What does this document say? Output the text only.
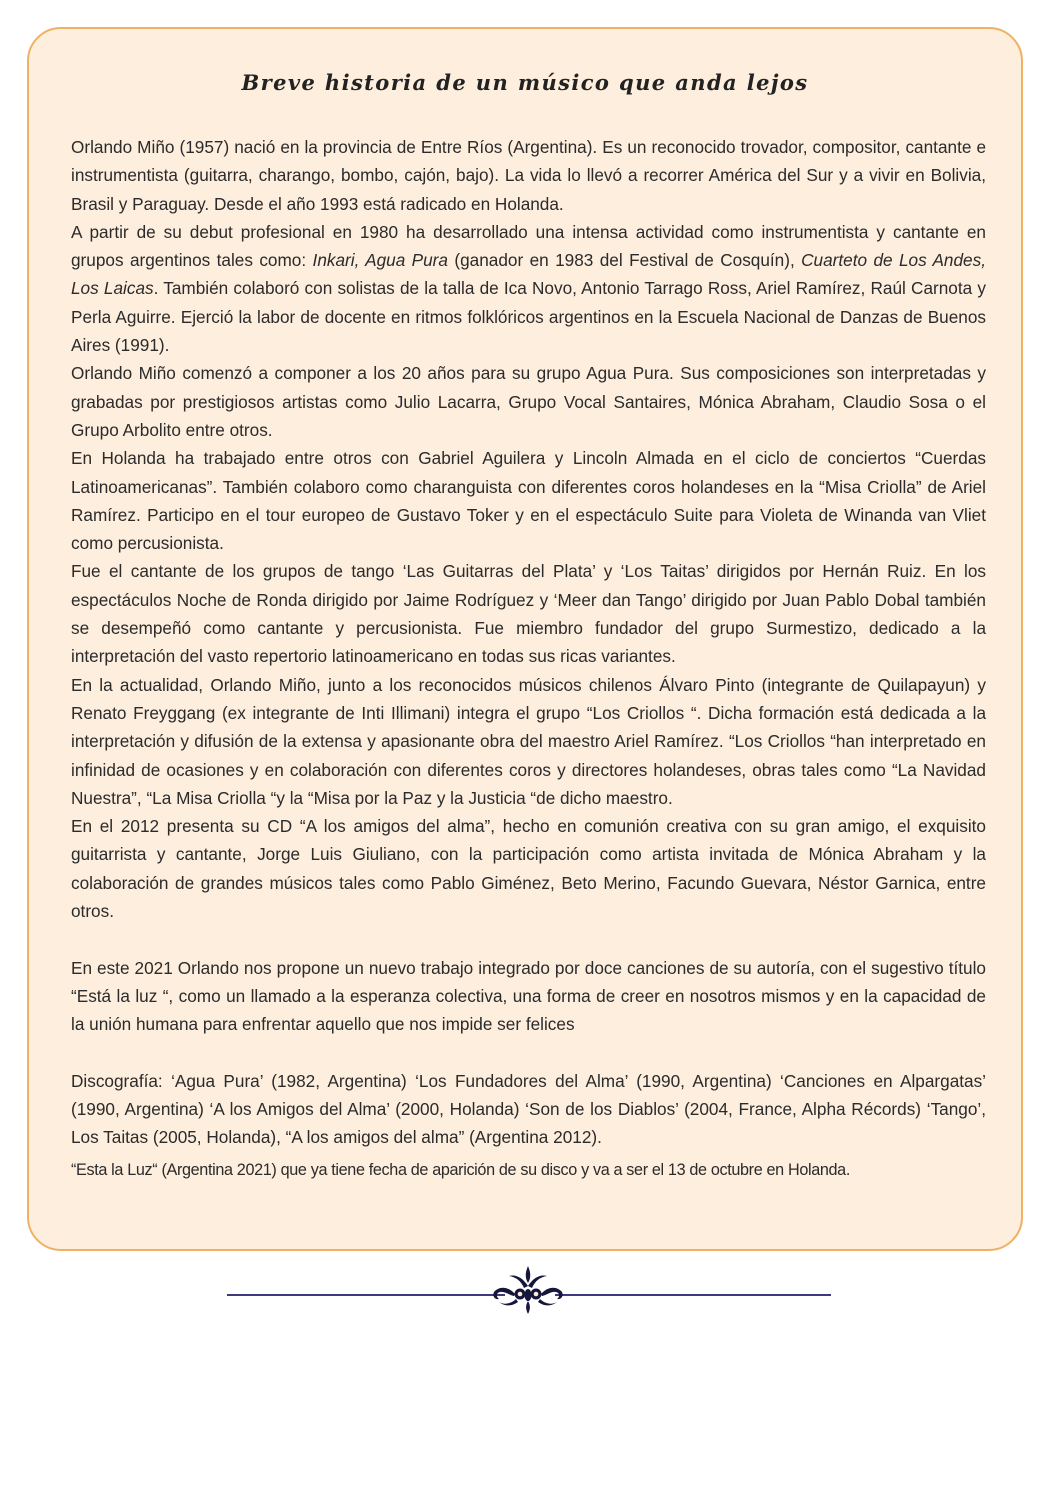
Breve historia de un músico que anda lejos

Orlando Miño (1957) nació en la provincia de Entre Ríos (Argentina). Es un reconocido trovador, compositor, cantante e instrumentista (guitarra, charango, bombo, cajón, bajo). La vida lo llevó a recorrer América del Sur y a vivir en Bolivia, Brasil y Paraguay. Desde el año 1993 está radicado en Holanda.

A partir de su debut profesional en 1980 ha desarrollado una intensa actividad como instrumentista y cantante en grupos argentinos tales como: Inkari, Agua Pura (ganador en 1983 del Festival de Cosquín), Cuarteto de Los Andes, Los Laicas. También colaboró con solistas de la talla de Ica Novo, Antonio Tarrago Ross, Ariel Ramírez, Raúl Carnota y Perla Aguirre. Ejerció la labor de docente en ritmos folklóricos argentinos en la Escuela Nacional de Danzas de Buenos Aires (1991).

Orlando Miño comenzó a componer a los 20 años para su grupo Agua Pura. Sus composiciones son interpretadas y grabadas por prestigiosos artistas como Julio Lacarra, Grupo Vocal Santaires, Mónica Abraham, Claudio Sosa o el Grupo Arbolito entre otros.

En Holanda ha trabajado entre otros con Gabriel Aguilera y Lincoln Almada en el ciclo de conciertos “Cuerdas Latinoamericanas”. También colaboro como charanguista con diferentes coros holandeses en la “Misa Criolla” de Ariel Ramírez. Participo en el tour europeo de Gustavo Toker y en el espectáculo Suite para Violeta de Winanda van Vliet como percusionista.

Fue el cantante de los grupos de tango ‘Las Guitarras del Plata’ y ‘Los Taitas’ dirigidos por Hernán Ruiz. En los espectáculos Noche de Ronda dirigido por Jaime Rodríguez y ‘Meer dan Tango’ dirigido por Juan Pablo Dobal también se desempeñó como cantante y percusionista. Fue miembro fundador del grupo Surmestizo, dedicado a la interpretación del vasto repertorio latinoamericano en todas sus ricas variantes.

En la actualidad, Orlando Miño, junto a los reconocidos músicos chilenos Álvaro Pinto (integrante de Quilapayun) y Renato Freyggang (ex integrante de Inti Illimani) integra el grupo “Los Criollos “. Dicha formación está dedicada a la interpretación y difusión de la extensa y apasionante obra del maestro Ariel Ramírez. “Los Criollos “han interpretado en infinidad de ocasiones y en colaboración con diferentes coros y directores holandeses, obras tales como “La Navidad Nuestra”, “La Misa Criolla “y la “Misa por la Paz y la Justicia “de dicho maestro.

En el 2012 presenta su CD “A los amigos del alma”, hecho en comunión creativa con su gran amigo, el exquisito guitarrista y cantante, Jorge Luis Giuliano, con la participación como artista invitada de Mónica Abraham y la colaboración de grandes músicos tales como Pablo Giménez, Beto Merino, Facundo Guevara, Néstor Garnica, entre otros.

En este 2021 Orlando nos propone un nuevo trabajo integrado por doce canciones de su autoría, con el sugestivo título “Está la luz “, como un llamado a la esperanza colectiva, una forma de creer en nosotros mismos y en la capacidad de la unión humana para enfrentar aquello que nos impide ser felices

Discografía: ‘Agua Pura’ (1982, Argentina) ‘Los Fundadores del Alma’ (1990, Argentina) ‘Canciones en Alpargatas’ (1990, Argentina) ‘A los Amigos del Alma’ (2000, Holanda) ‘Son de los Diablos’ (2004, France, Alpha Récords) ‘Tango’, Los Taitas (2005, Holanda), “A los amigos del alma” (Argentina 2012).

“Esta la Luz“ (Argentina 2021) que ya tiene fecha de aparición de su disco y va a ser el 13 de octubre en Holanda.
